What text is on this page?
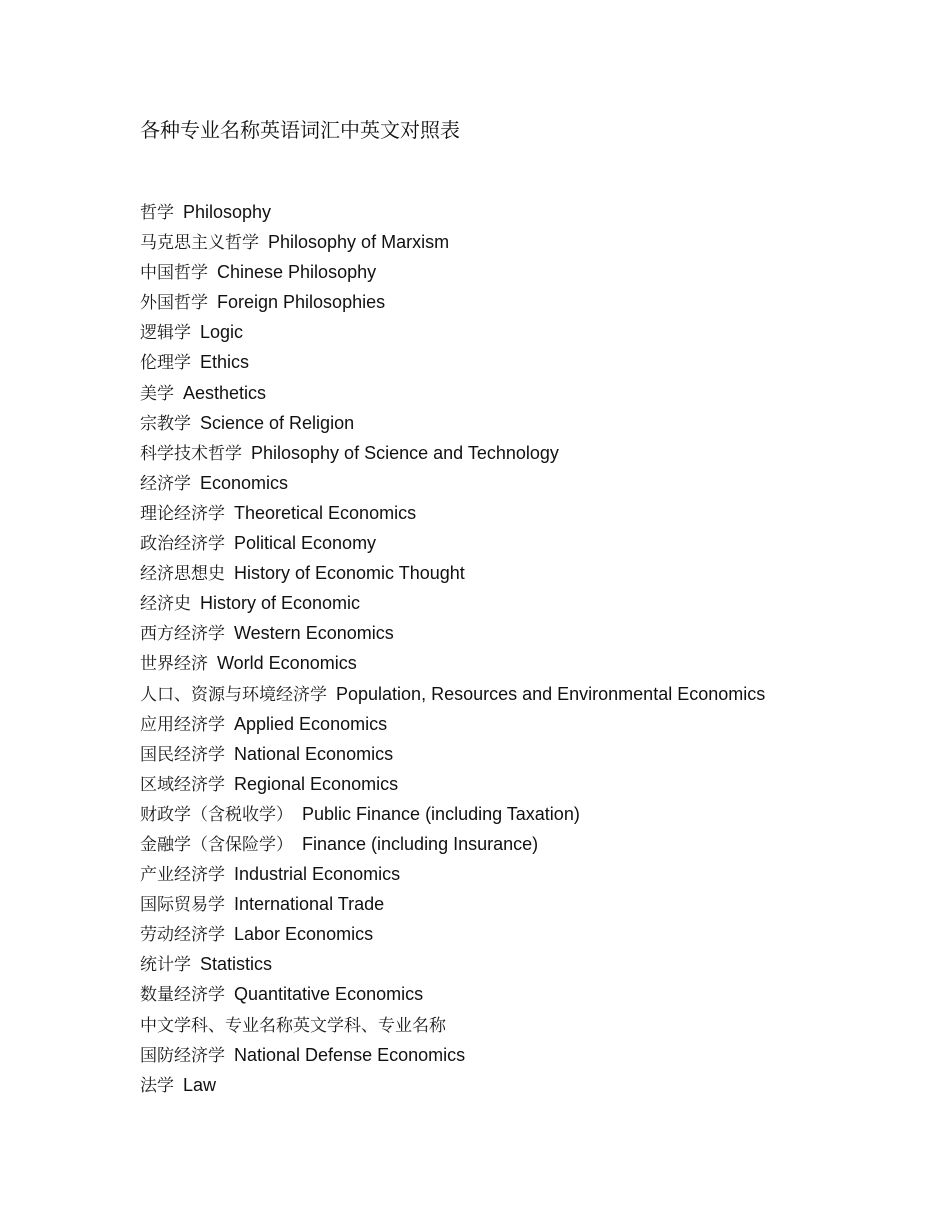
各种专业名称英语词汇中英文对照表
哲学 Philosophy
马克思主义哲学 Philosophy of Marxism
中国哲学 Chinese Philosophy
外国哲学 Foreign Philosophies
逻辑学 Logic
伦理学 Ethics
美学 Aesthetics
宗教学 Science of Religion
科学技术哲学 Philosophy of Science and Technology
经济学 Economics
理论经济学 Theoretical Economics
政治经济学 Political Economy
经济思想史 History of Economic Thought
经济史 History of Economic
西方经济学 Western Economics
世界经济 World Economics
人口、资源与环境经济学 Population, Resources and Environmental Economics
应用经济学 Applied Economics
国民经济学 National Economics
区域经济学 Regional Economics
财政学（含税收学） Public Finance (including Taxation)
金融学（含保险学） Finance (including Insurance)
产业经济学 Industrial Economics
国际贸易学 International Trade
劳动经济学 Labor Economics
统计学 Statistics
数量经济学 Quantitative Economics
中文学科、专业名称英文学科、专业名称
国防经济学 National Defense Economics
法学 Law
